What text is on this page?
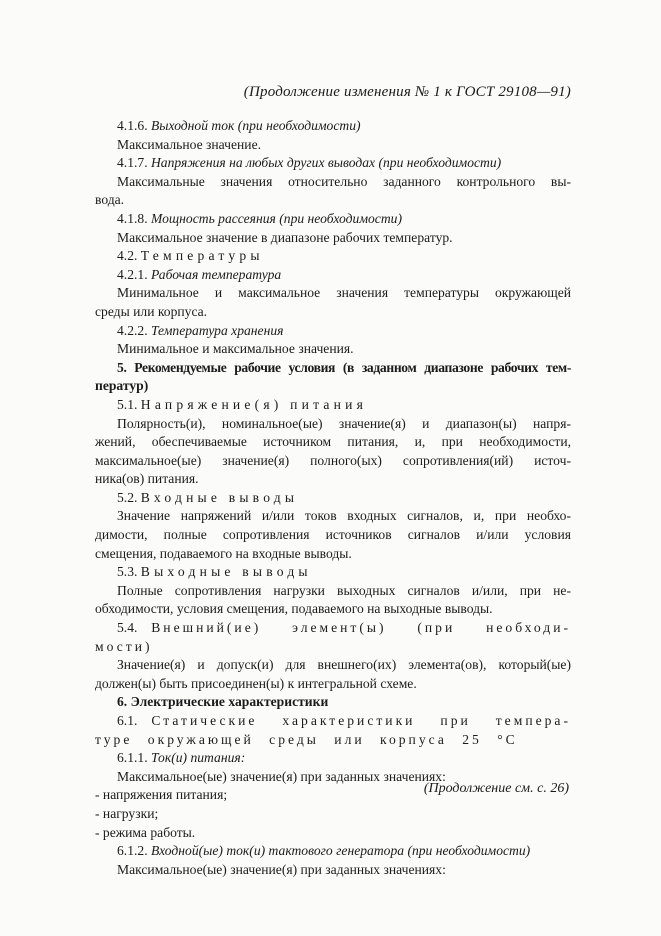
(Продолжение изменения № 1 к ГОСТ 29108—91)

4.1.6. Выходной ток (при необходимости)

Максимальное значение.

4.1.7. Напряжения на любых других выводах (при необходимости)

Максимальные значения относительно заданного контрольного вы-

вода.

4.1.8. Мощность рассеяния (при необходимости)

Максимальное значение в диапазоне рабочих температур.

4.2. Температуры

4.2.1. Рабочая температура

Минимальное и максимальное значения температуры окружающей

среды или корпуса.

4.2.2. Температура хранения

Минимальное и максимальное значения.

5. Рекомендуемые рабочие условия (в заданном диапазоне рабочих тем-

ператур)

5.1. Напряжение(я) питания

Полярность(и), номинальное(ые) значение(я) и диапазон(ы) напря-

жений, обеспечиваемые источником питания, и, при необходимости,

максимальное(ые) значение(я) полного(ых) сопротивления(ий) источ-

ника(ов) питания.

5.2. Входные выводы

Значение напряжений и/или токов входных сигналов, и, при необхо-

димости, полные сопротивления источников сигналов и/или условия

смещения, подаваемого на входные выводы.

5.3. Выходные выводы

Полные сопротивления нагрузки выходных сигналов и/или, при не-

обходимости, условия смещения, подаваемого на выходные выводы.

5.4. Внешний(ие) элемент(ы) (при необходи-

мости)

Значение(я) и допуск(и) для внешнего(их) элемента(ов), который(ые)

должен(ы) быть присоединен(ы) к интегральной схеме.

6. Электрические характеристики

6.1. Статические характеристики при темпера-

туре окружающей среды или корпуса 25 °C

6.1.1. Ток(и) питания:

Максимальное(ые) значение(я) при заданных значениях:

- напряжения питания;

- нагрузки;

- режима работы.

6.1.2. Входной(ые) ток(и) тактового генератора (при необходимости)

Максимальное(ые) значение(я) при заданных значениях:

(Продолжение см. с. 26)
